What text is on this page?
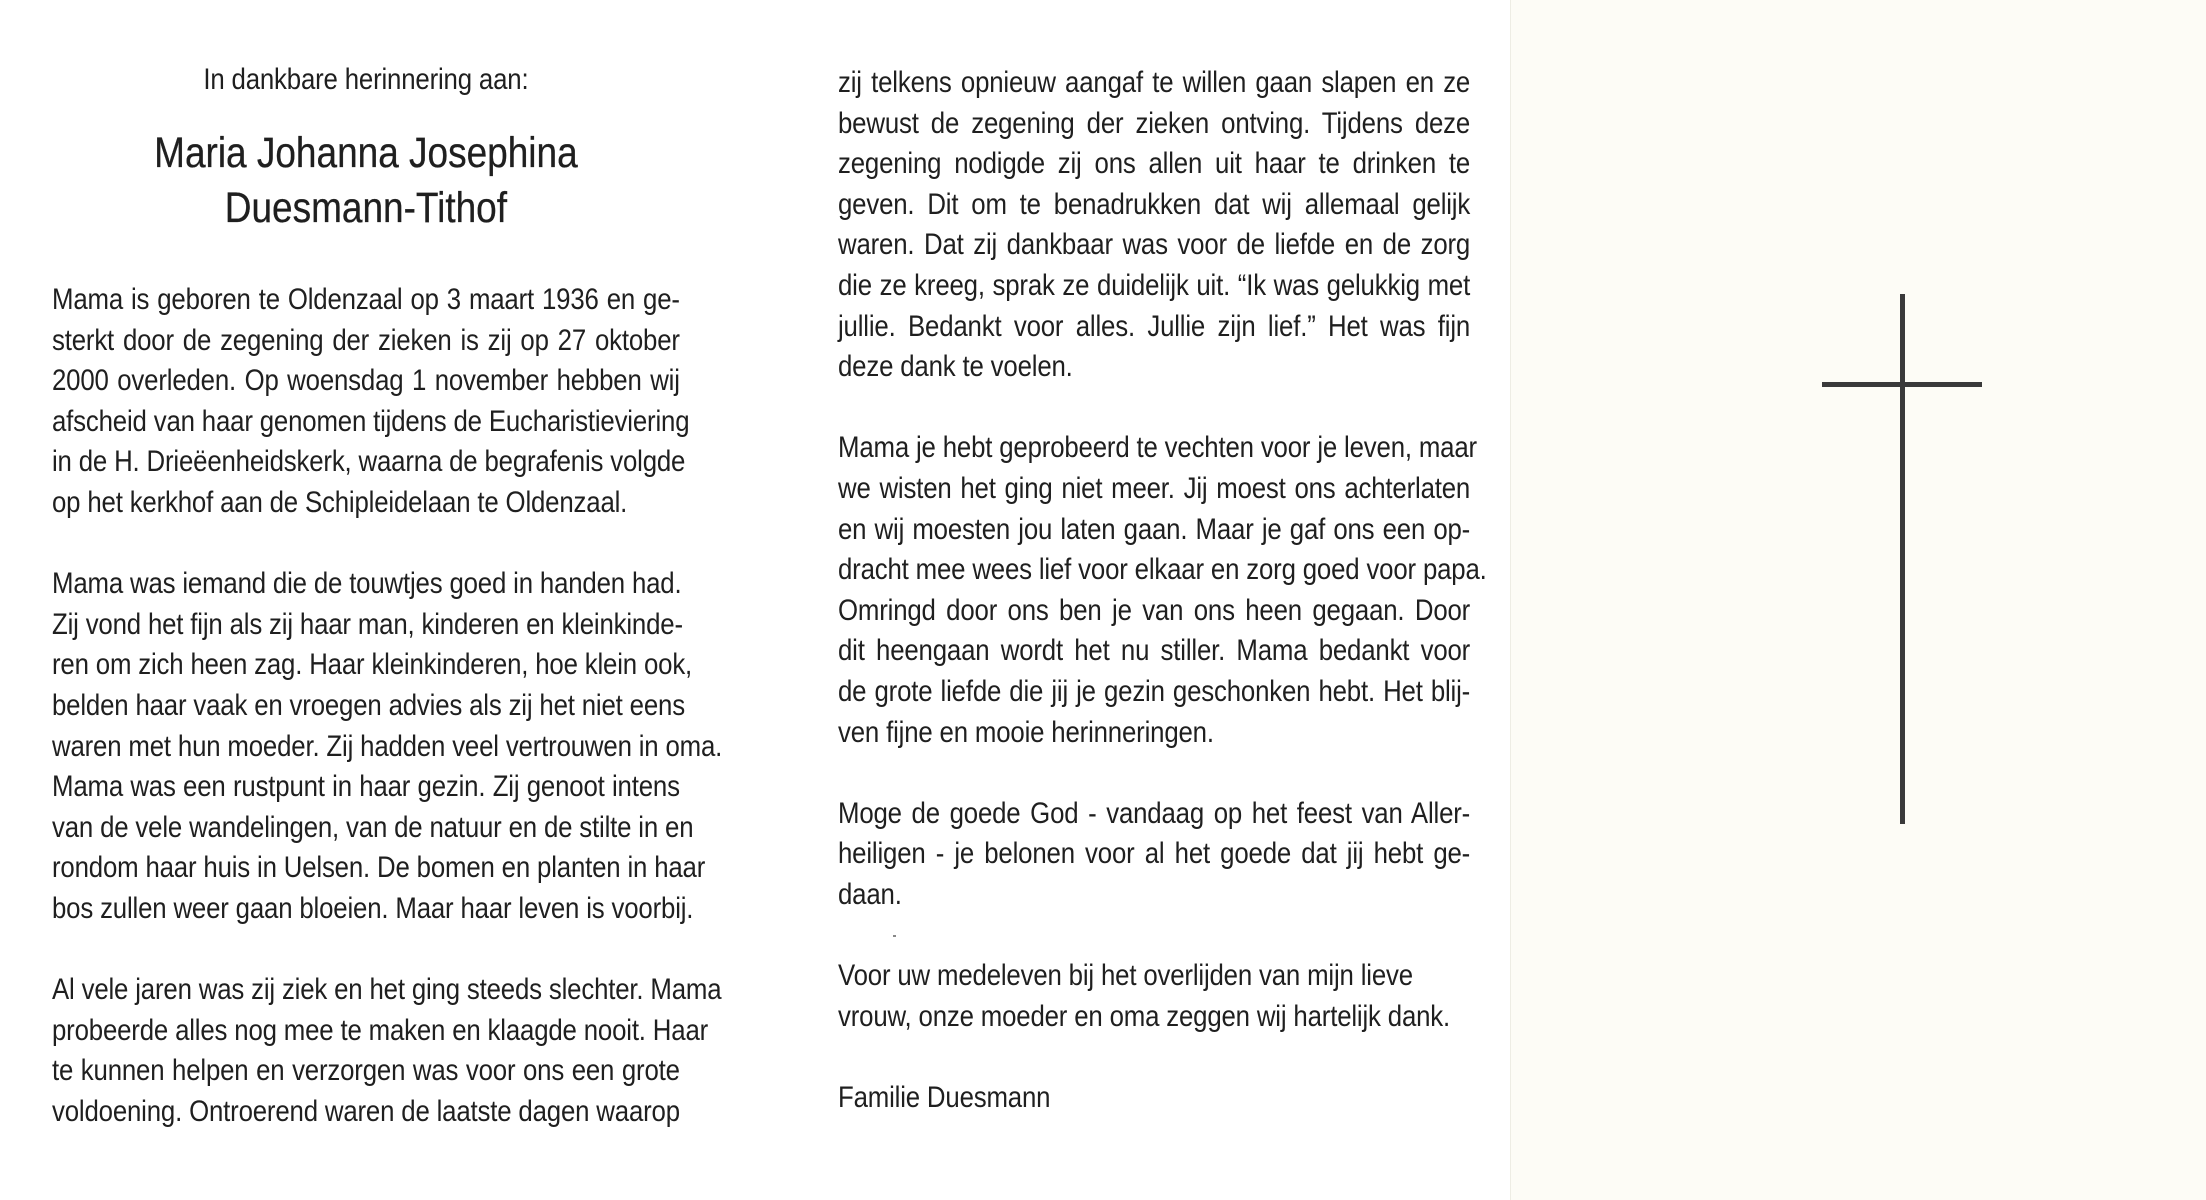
In dankbare herinnering aan:
Maria Johanna Josephina
Duesmann-Tithof
Mama is geboren te Oldenzaal op 3 maart 1936 en ge-
sterkt door de zegening der zieken is zij op 27 oktober
2000 overleden. Op woensdag 1 november hebben wij
afscheid van haar genomen tijdens de Eucharistieviering
in de H. Drieëenheidskerk, waarna de begrafenis volgde
op het kerkhof aan de Schipleidelaan te Oldenzaal.
Mama was iemand die de touwtjes goed in handen had.
Zij vond het fijn als zij haar man, kinderen en kleinkinde-
ren om zich heen zag. Haar kleinkinderen, hoe klein ook,
belden haar vaak en vroegen advies als zij het niet eens
waren met hun moeder. Zij hadden veel vertrouwen in oma.
Mama was een rustpunt in haar gezin. Zij genoot intens
van de vele wandelingen, van de natuur en de stilte in en
rondom haar huis in Uelsen. De bomen en planten in haar
bos zullen weer gaan bloeien. Maar haar leven is voorbij.
Al vele jaren was zij ziek en het ging steeds slechter. Mama
probeerde alles nog mee te maken en klaagde nooit. Haar
te kunnen helpen en verzorgen was voor ons een grote
voldoening. Ontroerend waren de laatste dagen waarop
zij telkens opnieuw aangaf te willen gaan slapen en ze
bewust de zegening der zieken ontving. Tijdens deze
zegening nodigde zij ons allen uit haar te drinken te
geven. Dit om te benadrukken dat wij allemaal gelijk
waren. Dat zij dankbaar was voor de liefde en de zorg
die ze kreeg, sprak ze duidelijk uit. “Ik was gelukkig met
jullie. Bedankt voor alles. Jullie zijn lief.” Het was fijn
deze dank te voelen.
Mama je hebt geprobeerd te vechten voor je leven, maar
we wisten het ging niet meer. Jij moest ons achterlaten
en wij moesten jou laten gaan. Maar je gaf ons een op-
dracht mee wees lief voor elkaar en zorg goed voor papa.
Omringd door ons ben je van ons heen gegaan. Door
dit heengaan wordt het nu stiller. Mama bedankt voor
de grote liefde die jij je gezin geschonken hebt. Het blij-
ven fijne en mooie herinneringen.
Moge de goede God - vandaag op het feest van Aller-
heiligen - je belonen voor al het goede dat jij hebt ge-
daan.
Voor uw medeleven bij het overlijden van mijn lieve
vrouw, onze moeder en oma zeggen wij hartelijk dank.
Familie Duesmann
